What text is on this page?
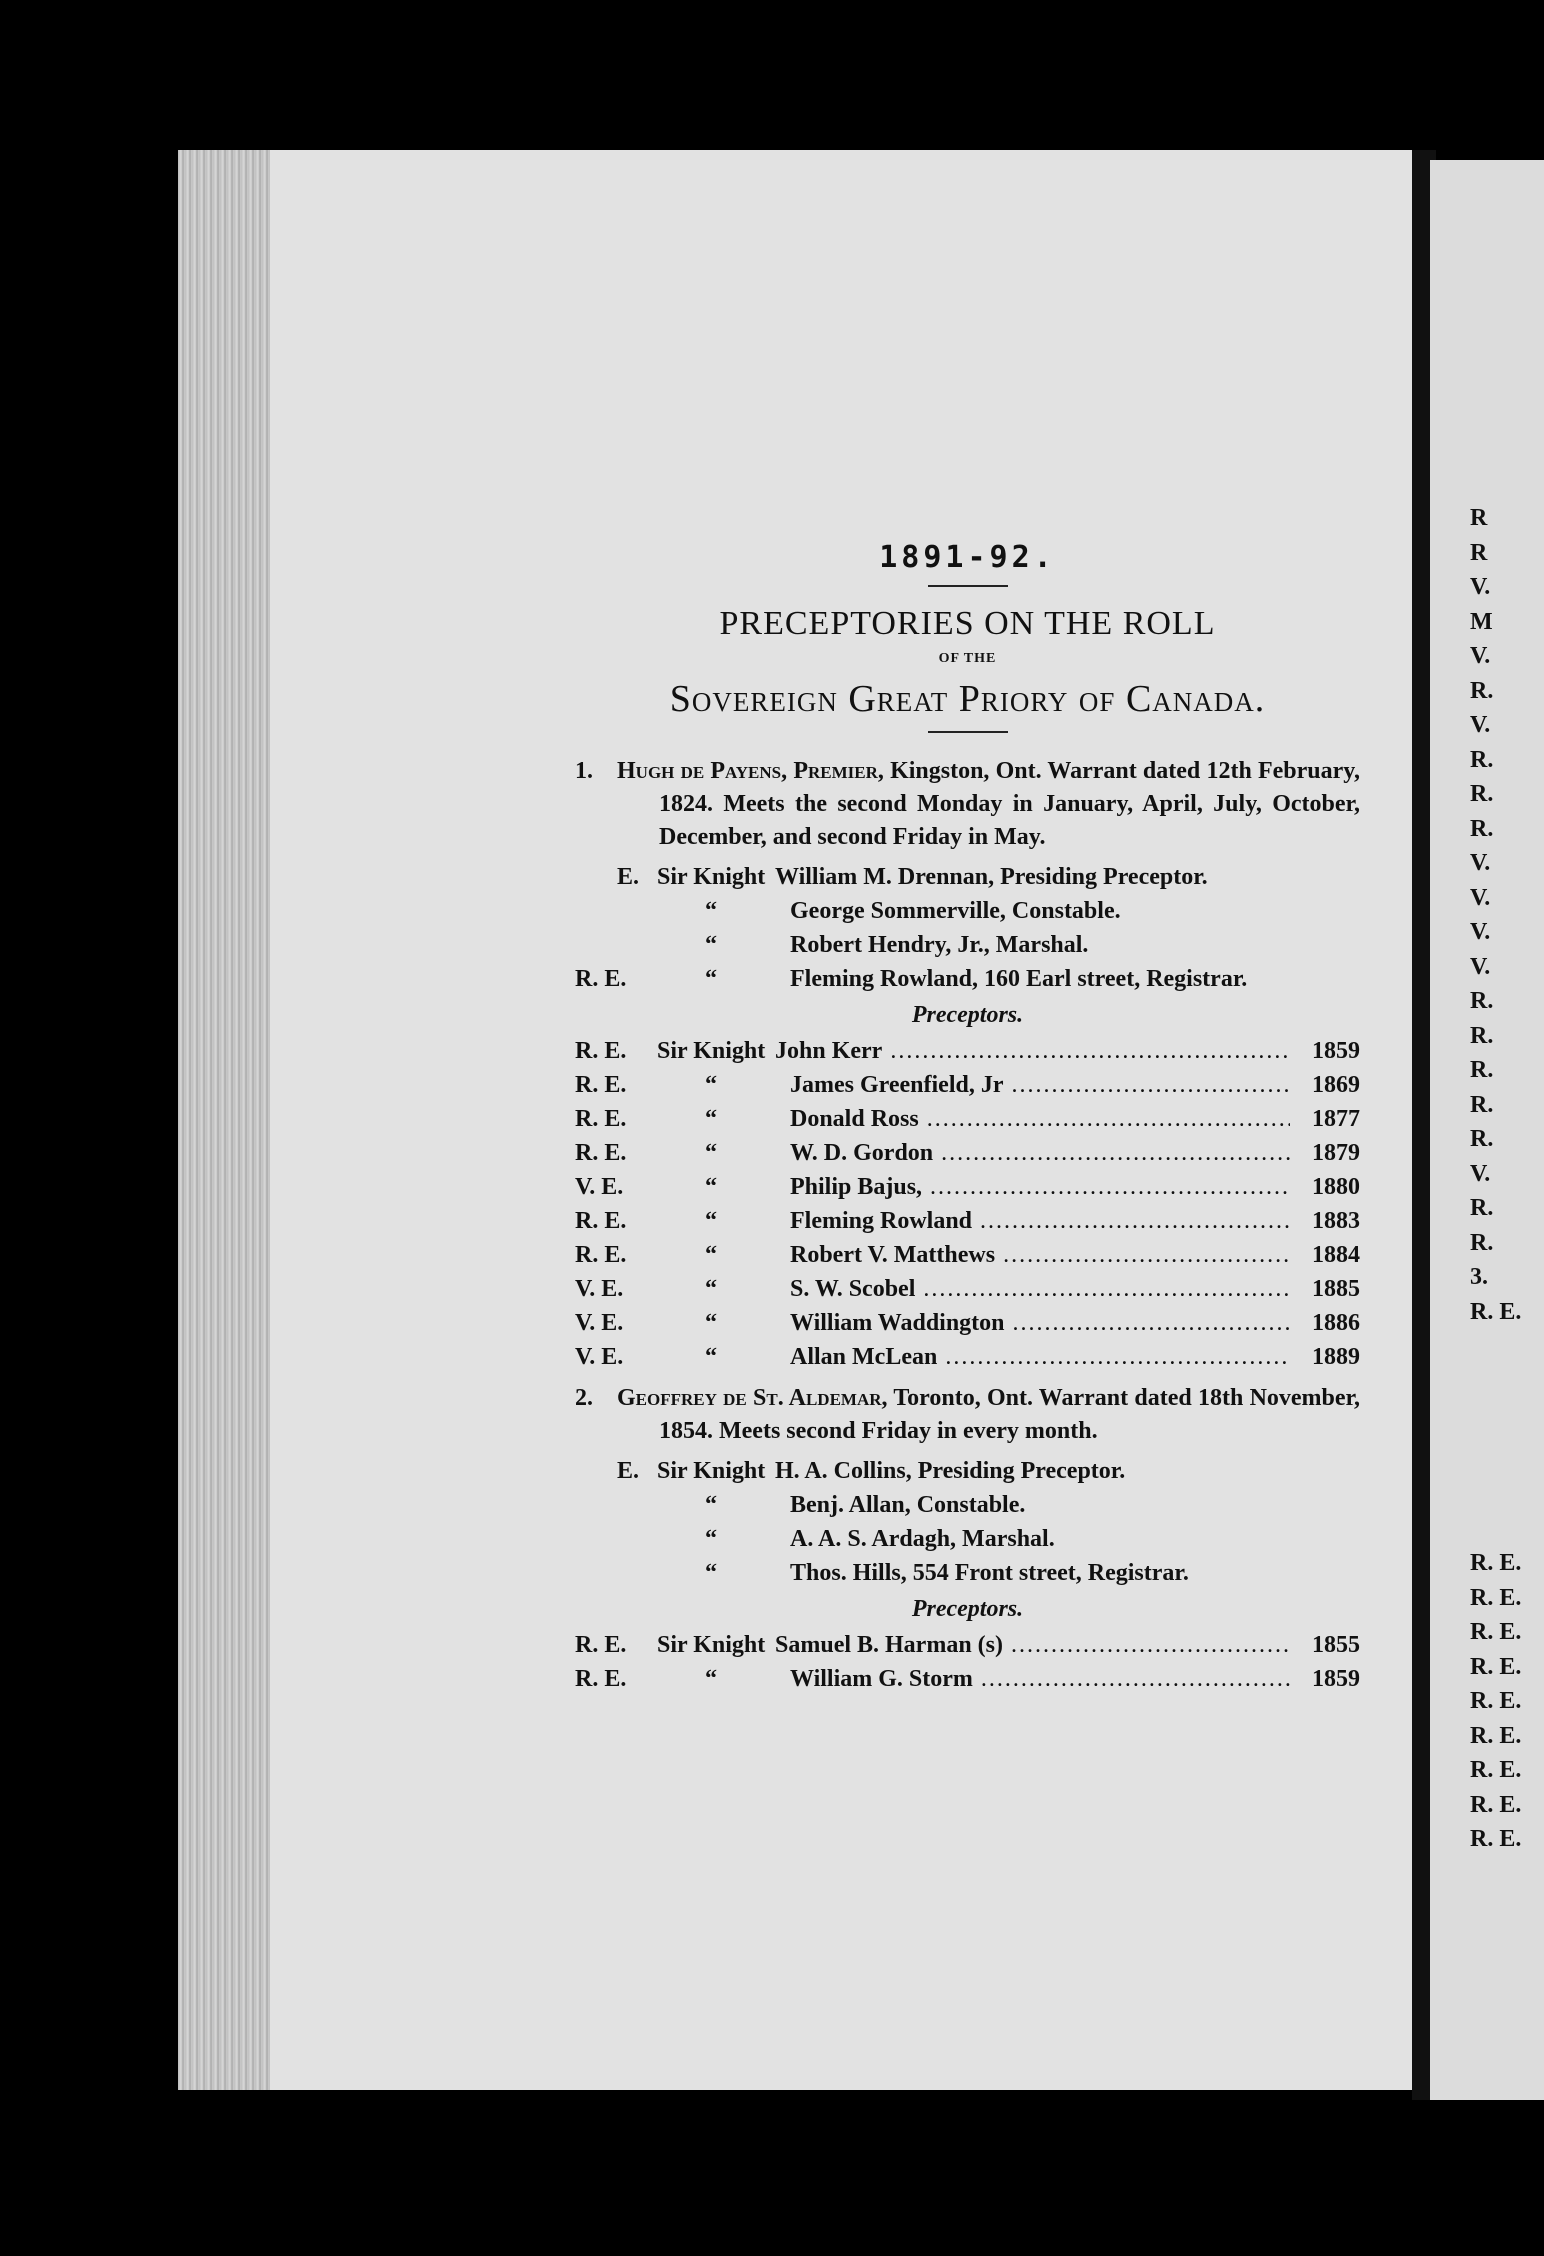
1891-92.
PRECEPTORIES ON THE ROLL
OF THE
Sovereign Great Priory of Canada.
1. Hugh de Payens, Premier, Kingston, Ont. Warrant dated 12th February, 1824. Meets the second Monday in January, April, July, October, December, and second Friday in May.
E. Sir Knight William M. Drennan, Presiding Preceptor.
“	George Sommerville, Constable.
“	Robert Hendry, Jr., Marshal.
R. E.	“	Fleming Rowland, 160 Earl street, Registrar.
Preceptors.
R. E. Sir Knight John Kerr .....	1859
R. E.	“	James Greenfield, Jr .....	1869
R. E.	“	Donald Ross .....	1877
R. E.	“	W. D. Gordon .....	1879
V. E.	“	Philip Bajus, .....	1880
R. E.	“	Fleming Rowland .....	1883
R. E.	“	Robert V. Matthews .....	1884
V. E.	“	S. W. Scobel .....	1885
V. E.	“	William Waddington .....	1886
V. E.	“	Allan McLean .....	1889
2. Geoffrey de St. Aldemar, Toronto, Ont. Warrant dated 18th November, 1854. Meets second Friday in every month.
E. Sir Knight H. A. Collins, Presiding Preceptor.
“	Benj. Allan, Constable.
“	A. A. S. Ardagh, Marshal.
“	Thos. Hills, 554 Front street, Registrar.
Preceptors.
R. E. Sir Knight Samuel B. Harman (s) .....	1855
R. E.	“	William G. Storm .....	1859
R
R
V.
M
V.
R.
V.
R.
R.
R.
V.
V.
V.
V.
R.
R.
R.
R.
R.
V.
R.
R.
3.
R. E.
R. E.
R. E.
R. E.
R. E.
R. E.
R. E.
R. E.
R. E.
R. E.
